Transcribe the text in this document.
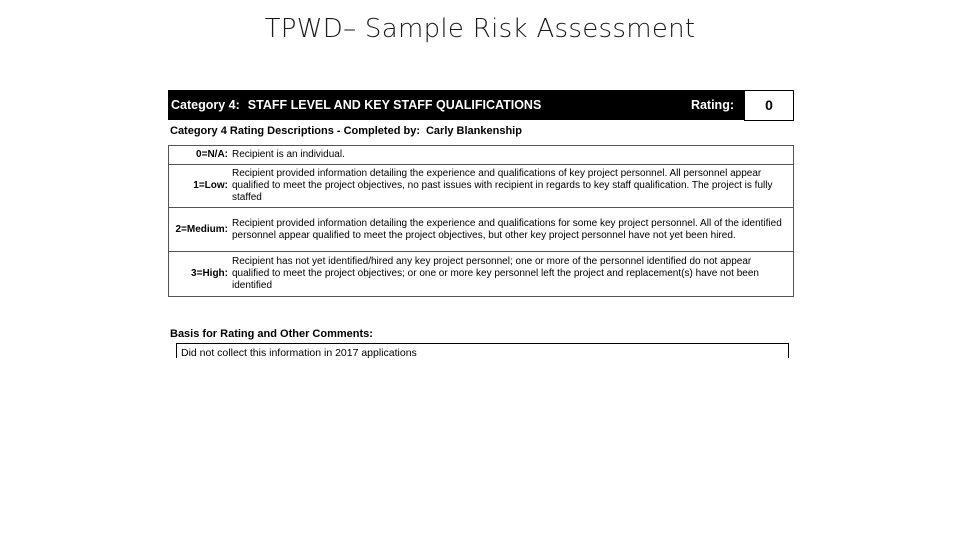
TPWD– Sample Risk Assessment
Category 4: STAFF LEVEL AND KEY STAFF QUALIFICATIONS	Rating:	0
Category 4 Rating Descriptions - Completed by: Carly Blankenship
0=N/A:	Recipient is an individual.
1=Low:	Recipient provided information detailing the experience and qualifications of key project personnel. All personnel appear qualified to meet the project objectives, no past issues with recipient in regards to key staff qualification. The project is fully staffed
2=Medium:	Recipient provided information detailing the experience and qualifications for some key project personnel. All of the identified personnel appear qualified to meet the project objectives, but other key project personnel have not yet been hired.
3=High:	Recipient has not yet identified/hired any key project personnel; one or more of the personnel identified do not appear qualified to meet the project objectives; or one or more key personnel left the project and replacement(s) have not been identified
Basis for Rating and Other Comments:
Did not collect this information in 2017 applications
